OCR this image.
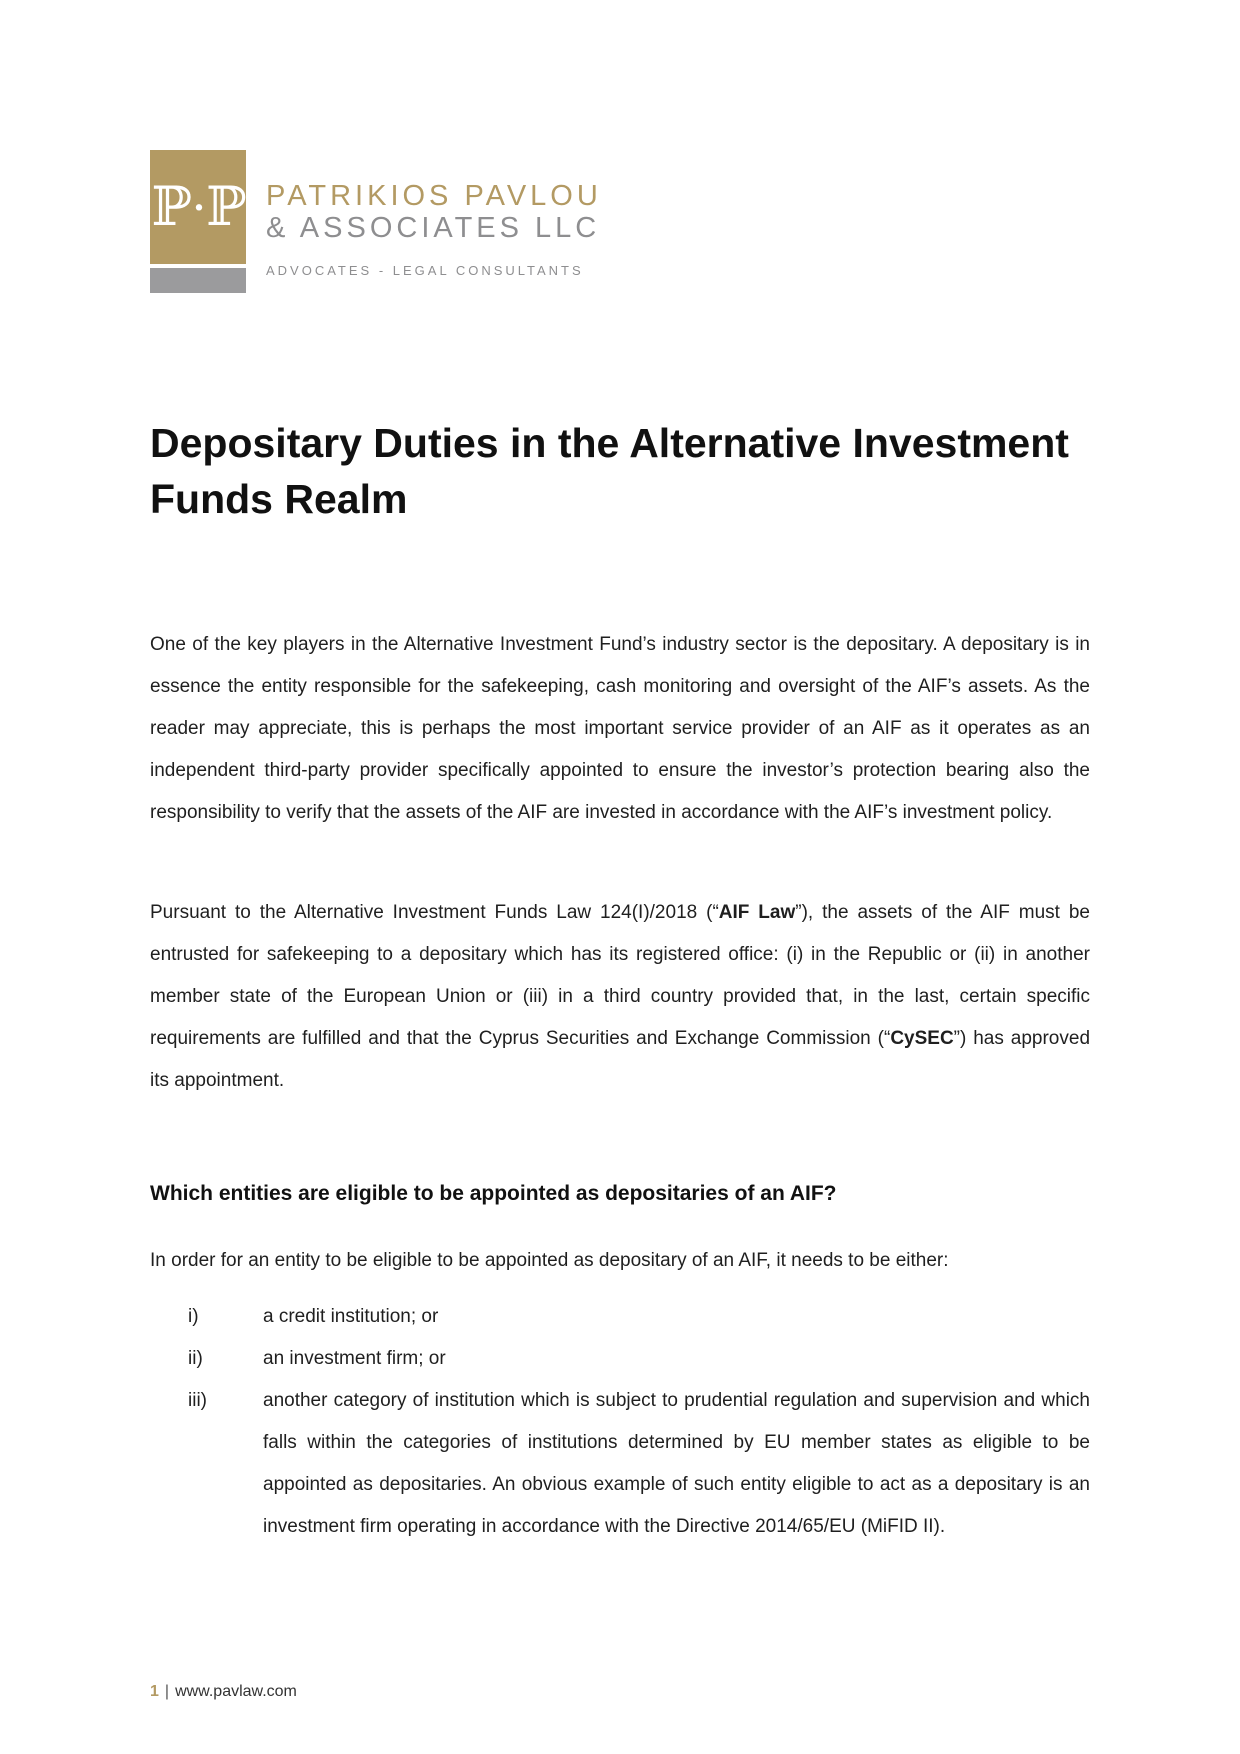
ℙ·ℙ PATRIKIOS PAVLOU
& ASSOCIATES LLC
ADVOCATES - LEGAL CONSULTANTS
Depositary Duties in the Alternative Investment Funds Realm

One of the key players in the Alternative Investment Fund’s industry sector is the depositary. A depositary is in essence the entity responsible for the safekeeping, cash monitoring and oversight of the AIF’s assets. As the reader may appreciate, this is perhaps the most important service provider of an AIF as it operates as an independent third-party provider specifically appointed to ensure the investor’s protection bearing also the responsibility to verify that the assets of the AIF are invested in accordance with the AIF’s investment policy.

Pursuant to the Alternative Investment Funds Law 124(I)/2018 (“AIF Law”), the assets of the AIF must be entrusted for safekeeping to a depositary which has its registered office: (i) in the Republic or (ii) in another member state of the European Union or (iii) in a third country provided that, in the last, certain specific requirements are fulfilled and that the Cyprus Securities and Exchange Commission (“CySEC”) has approved its appointment.

Which entities are eligible to be appointed as depositaries of an AIF?

In order for an entity to be eligible to be appointed as depositary of an AIF, it needs to be either:

i)	a credit institution; or
ii)	an investment firm; or
iii)	another category of institution which is subject to prudential regulation and supervision and which falls within the categories of institutions determined by EU member states as eligible to be appointed as depositaries. An obvious example of such entity eligible to act as a depositary is an investment firm operating in accordance with the Directive 2014/65/EU (MiFID II).
1 | www.pavlaw.com
